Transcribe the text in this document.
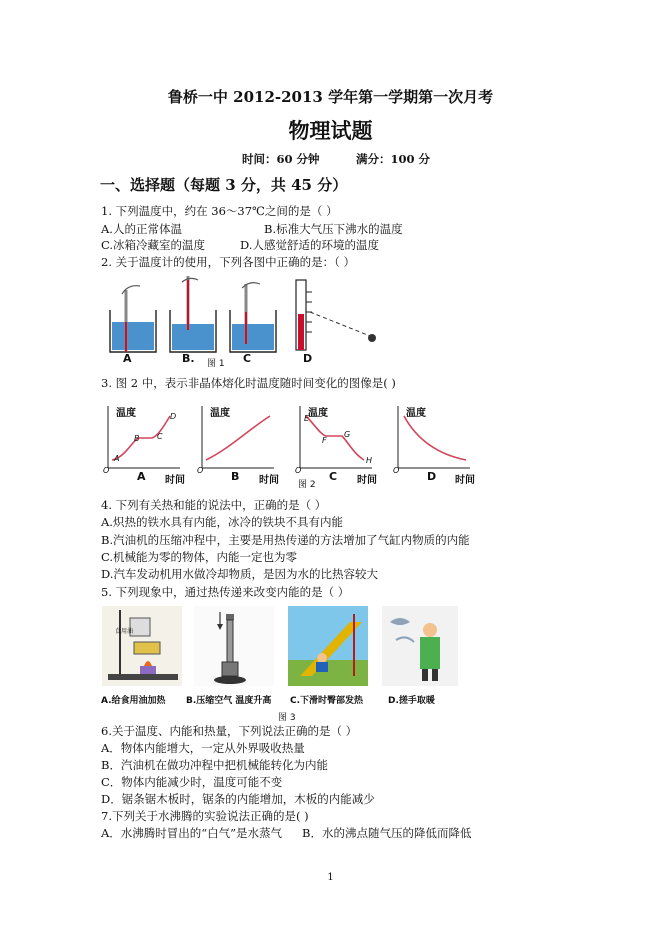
鲁桥一中 2012-2013 学年第一学期第一次月考
物理试题
时间：60 分钟	满分：100 分
一、选择题（每题 3 分，共 45 分）
1. 下列温度中，约在 36～37℃之间的是（ ）
A.人的正常体温	B.标准大气压下沸水的温度
C.冰箱冷藏室的温度	D.人感觉舒适的环境的温度
2. 关于温度计的使用，下列各图中正确的是：（ ）
A	B.	C	D
图 1
3. 图 2 中，表示非晶体熔化时温度随时间变化的图像是( )
温度	温度	温度	温度
时间	时间	时间	时间
O	O	O	O
A
B C
D	E
F
G
H
A	B	C	D
图 2
4. 下列有关热和能的说法中，正确的是（ ）
A.炽热的铁水具有内能，冰冷的铁块不具有内能
B.汽油机的压缩冲程中，主要是用热传递的方法增加了气缸内物质的内能
C.机械能为零的物体，内能一定也为零
D.汽车发动机用水做冷却物质，是因为水的比热容较大
5. 下列现象中，通过热传递来改变内能的是（ ）
食用油
A.给食用油加热 B.压缩空气 温度升高 C.下滑时臀部发热	D.搓手取暖
图 3
6.关于温度、内能和热量，下列说法正确的是（ ）
A．物体内能增大，一定从外界吸收热量
B．汽油机在做功冲程中把机械能转化为内能
C．物体内能减少时，温度可能不变
D．锯条锯木板时，锯条的内能增加，木板的内能减少
7.下列关于水沸腾的实验说法正确的是( )
A．水沸腾时冒出的“白气”是水蒸气 B．水的沸点随气压的降低而降低
1
